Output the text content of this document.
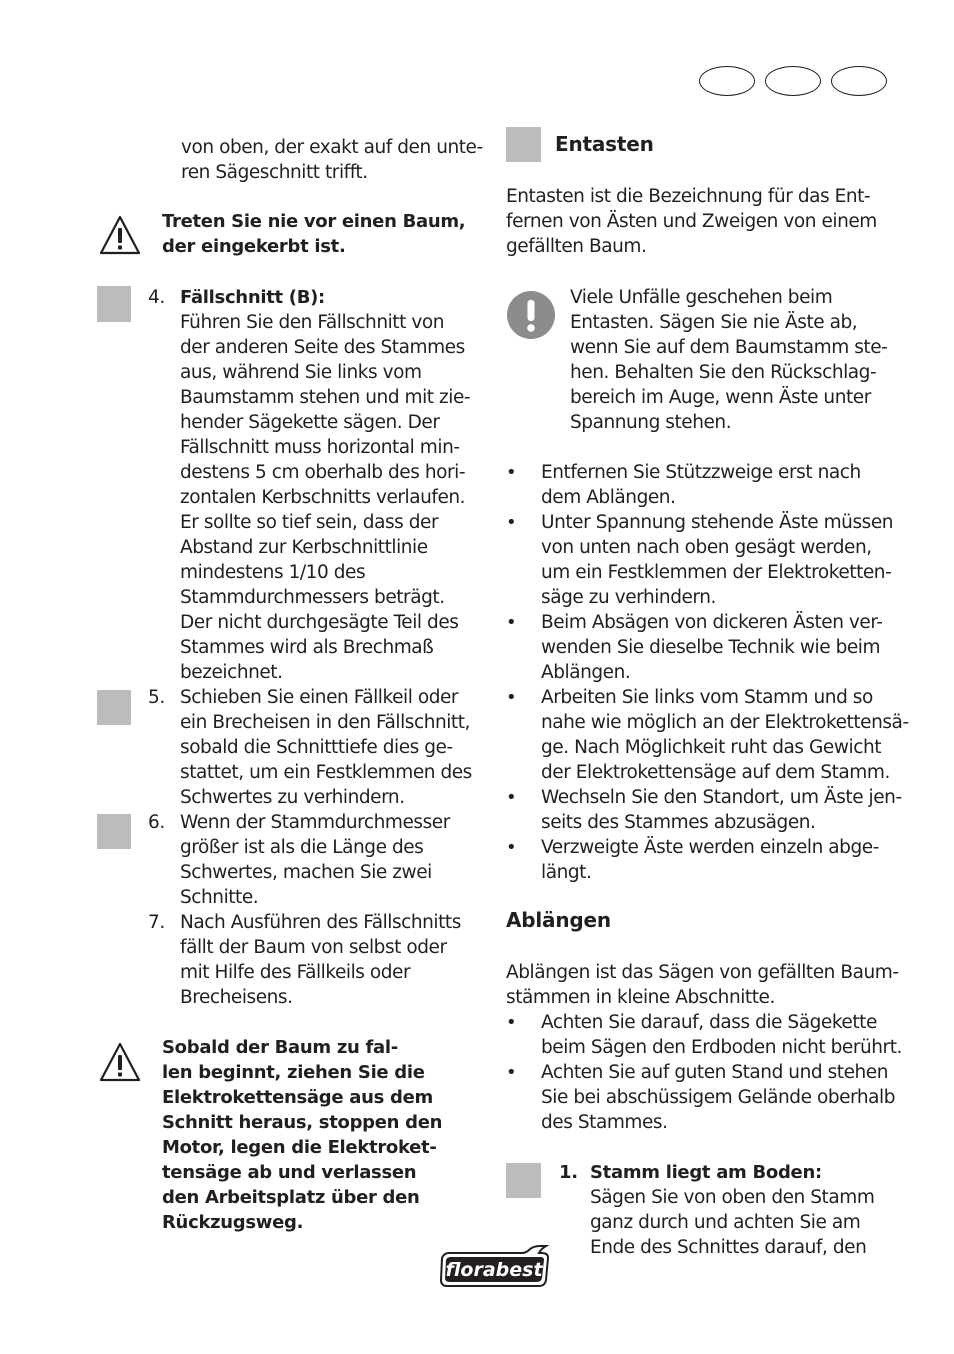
von oben, der exakt auf den unte-
ren Sägeschnitt trifft.
Treten Sie nie vor einen Baum,
der eingekerbt ist.
4. Fällschnitt (B):
Führen Sie den Fällschnitt von
der anderen Seite des Stammes
aus, während Sie links vom
Baumstamm stehen und mit zie-
hender Sägekette sägen. Der
Fällschnitt muss horizontal min-
destens 5 cm oberhalb des hori-
zontalen Kerbschnitts verlaufen.
Er sollte so tief sein, dass der
Abstand zur Kerbschnittlinie
mindestens 1/10 des
Stammdurchmessers beträgt.
Der nicht durchgesägte Teil des
Stammes wird als Brechmaß
bezeichnet.
5. Schieben Sie einen Fällkeil oder
ein Brecheisen in den Fällschnitt,
sobald die Schnitttiefe dies ge-
stattet, um ein Festklemmen des
Schwertes zu verhindern.
6. Wenn der Stammdurchmesser
größer ist als die Länge des
Schwertes, machen Sie zwei
Schnitte.
7. Nach Ausführen des Fällschnitts
fällt der Baum von selbst oder
mit Hilfe des Fällkeils oder
Brecheisens.
Sobald der Baum zu fal-
len beginnt, ziehen Sie die
Elektrokettensäge aus dem
Schnitt heraus, stoppen den
Motor, legen die Elektroket-
tensäge ab und verlassen
den Arbeitsplatz über den
Rückzugsweg.
Entasten
Entasten ist die Bezeichnung für das Ent-
fernen von Ästen und Zweigen von einem
gefällten Baum.
Viele Unfälle geschehen beim
Entasten. Sägen Sie nie Äste ab,
wenn Sie auf dem Baumstamm ste-
hen. Behalten Sie den Rückschlag-
bereich im Auge, wenn Äste unter
Spannung stehen.
• Entfernen Sie Stützzweige erst nach
dem Ablängen.
• Unter Spannung stehende Äste müssen
von unten nach oben gesägt werden,
um ein Festklemmen der Elektroketten-
säge zu verhindern.
• Beim Absägen von dickeren Ästen ver-
wenden Sie dieselbe Technik wie beim
Ablängen.
• Arbeiten Sie links vom Stamm und so
nahe wie möglich an der Elektrokettensä-
ge. Nach Möglichkeit ruht das Gewicht
der Elektrokettensäge auf dem Stamm.
• Wechseln Sie den Standort, um Äste jen-
seits des Stammes abzusägen.
• Verzweigte Äste werden einzeln abge-
längt.
Ablängen
Ablängen ist das Sägen von gefällten Baum-
stämmen in kleine Abschnitte.
• Achten Sie darauf, dass die Sägekette
beim Sägen den Erdboden nicht berührt.
• Achten Sie auf guten Stand und stehen
Sie bei abschüssigem Gelände oberhalb
des Stammes.
1. Stamm liegt am Boden:
Sägen Sie von oben den Stamm
ganz durch und achten Sie am
Ende des Schnittes darauf, den
florabest
